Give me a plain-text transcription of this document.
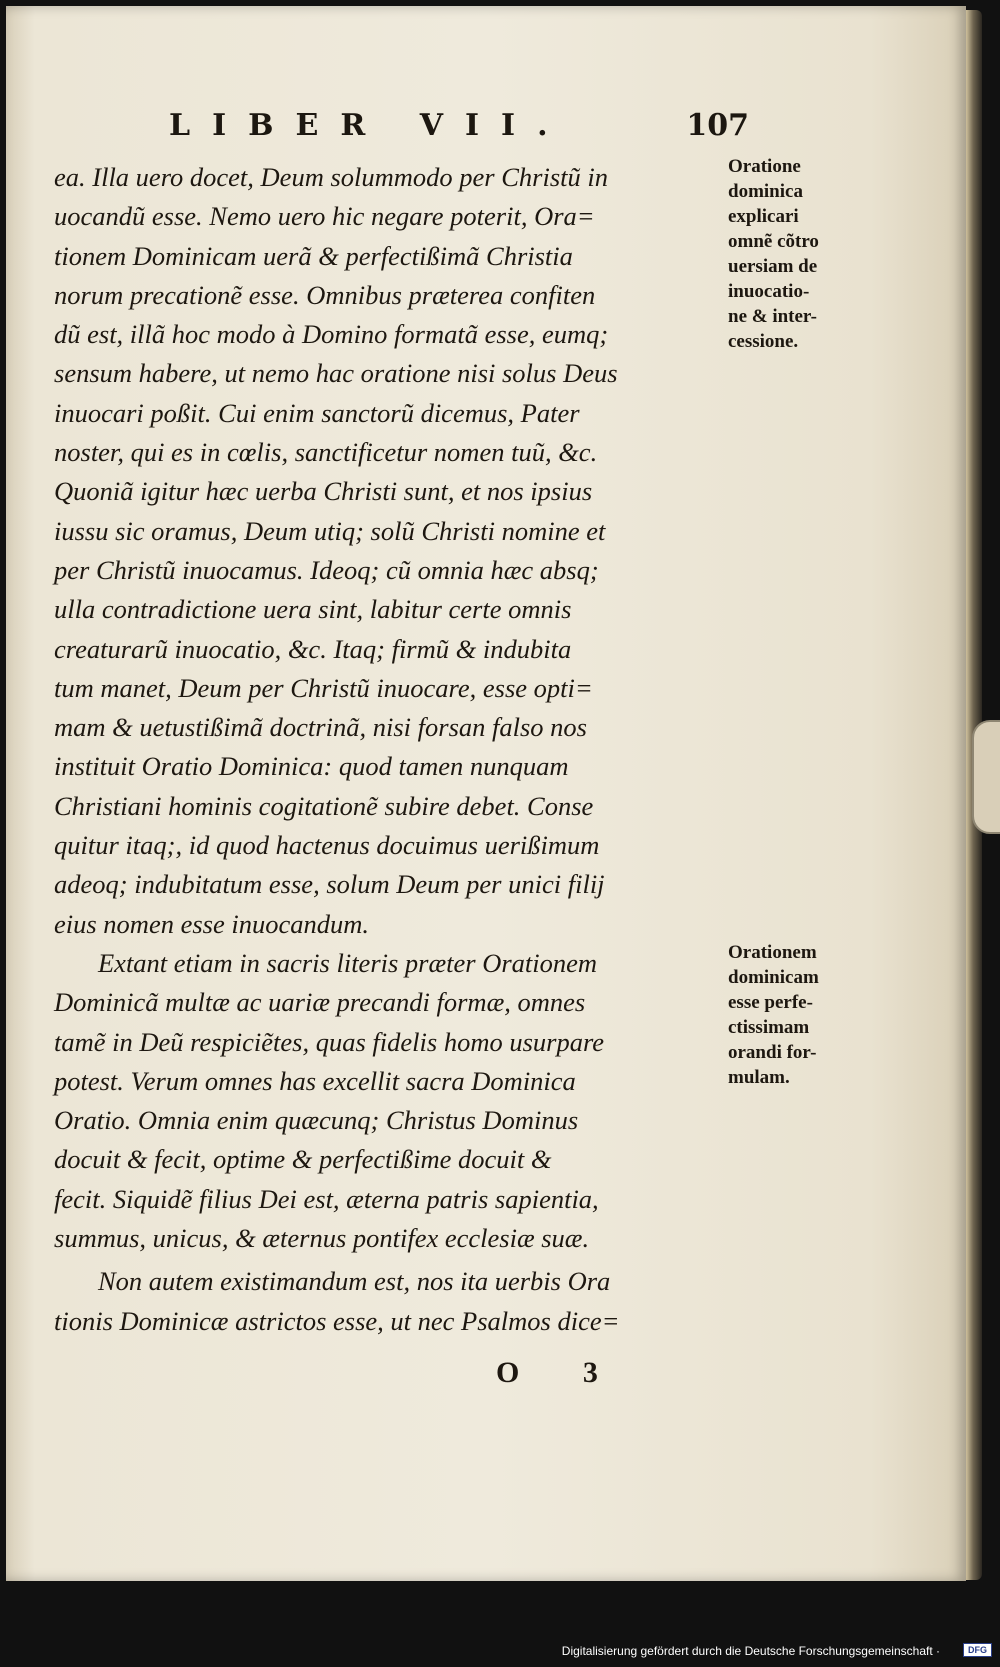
LIBER VII.	107
ea. Illa uero docet, Deum solummodo per Christũ in
uocandũ esse. Nemo uero hic negare poterit, Ora=
tionem Dominicam uerã & perfectißimã Christia
norum precationẽ esse. Omnibus præterea confiten
dũ est, illã hoc modo à Domino formatã esse, eumq;
sensum habere, ut nemo hac oratione nisi solus Deus
inuocari poßit. Cui enim sanctorũ dicemus, Pater
noster, qui es in cœlis, sanctificetur nomen tuũ, &c.
Quoniã igitur hæc uerba Christi sunt, et nos ipsius
iussu sic oramus, Deum utiq; solũ Christi nomine et
per Christũ inuocamus. Ideoq; cũ omnia hæc absq;
ulla contradictione uera sint, labitur certe omnis
creaturarũ inuocatio, &c. Itaq; firmũ & indubita
tum manet, Deum per Christũ inuocare, esse opti=
mam & uetustißimã doctrinã, nisi forsan falso nos
instituit Oratio Dominica: quod tamen nunquam
Christiani hominis cogitationẽ subire debet. Conse
quitur itaq;, id quod hactenus docuimus uerißimum
adeoq; indubitatum esse, solum Deum per unici filij
eius nomen esse inuocandum.
Extant etiam in sacris literis præter Orationem
Dominicã multæ ac uariæ precandi formæ, omnes
tamẽ in Deũ respiciẽtes, quas fidelis homo usurpare
potest. Verum omnes has excellit sacra Dominica
Oratio. Omnia enim quæcunq; Christus Dominus
docuit & fecit, optime & perfectißime docuit &
fecit. Siquidẽ filius Dei est, æterna patris sapientia,
summus, unicus, & æternus pontifex ecclesiæ suæ.
Non autem existimandum est, nos ita uerbis Ora
tionis Dominicæ astrictos esse, ut nec Psalmos dice=
Oratione
dominica
explicari
omnẽ cõtro
uersiam de
inuocatio-
ne & inter-
cessione.
Orationem
dominicam
esse perfe-
ctissimam
orandi for-
mulam.
O 3
Digitalisierung gefördert durch die Deutsche Forschungsgemeinschaft ·	DFG
